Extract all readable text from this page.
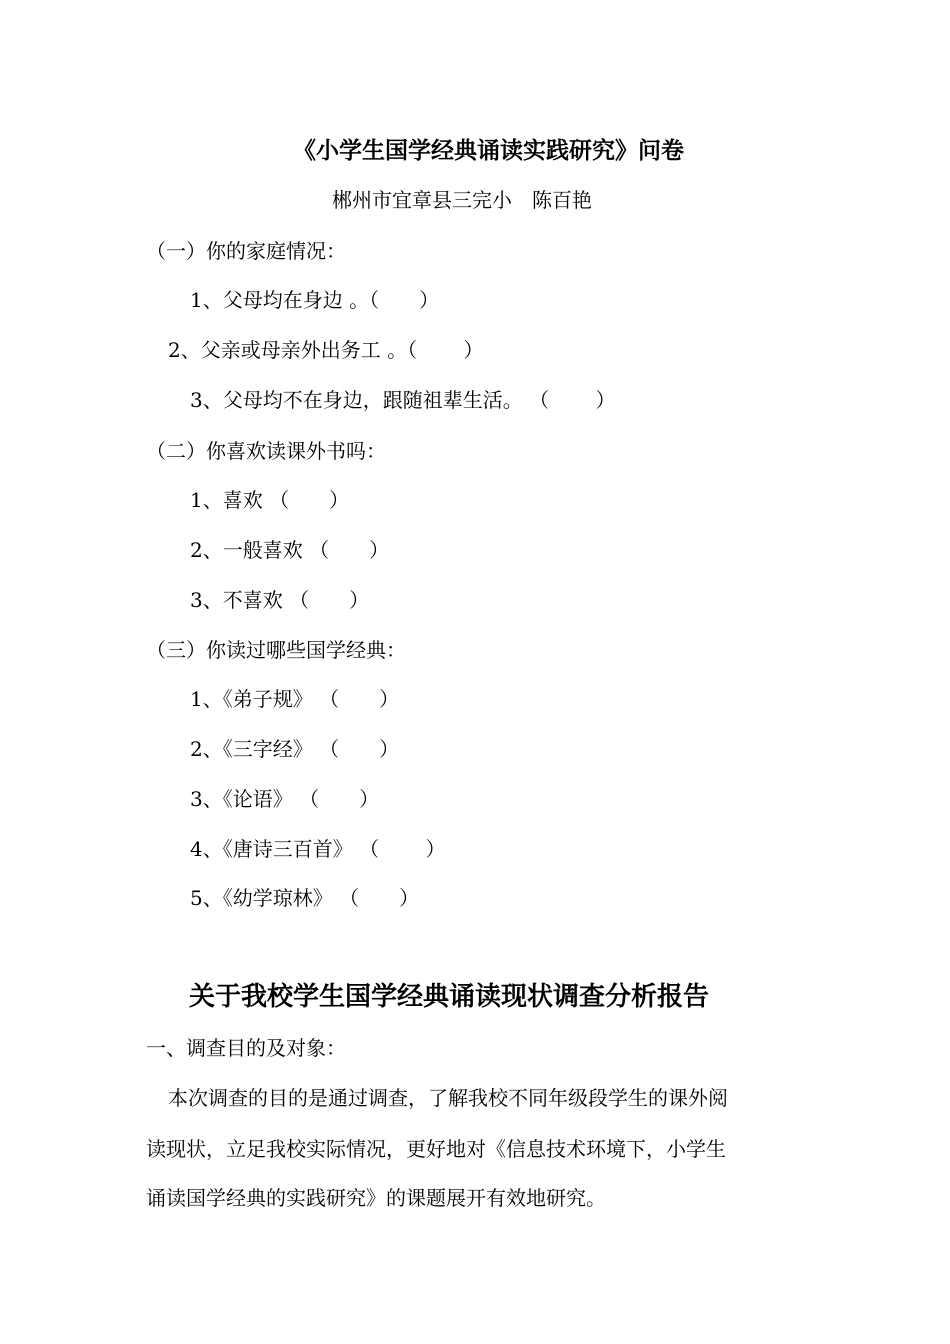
《小学生国学经典诵读实践研究》问卷
郴州市宜章县三完小　陈百艳
（一）你的家庭情况：
1、父母均在身边 。（　　）
2、父亲或母亲外出务工 。（　　 ）
3、父母均不在身边，跟随祖辈生活。 （　　 ）
（二）你喜欢读课外书吗：
1、喜欢 （　　）
2、一般喜欢 （　　）
3、不喜欢 （　　）
（三）你读过哪些国学经典：
1、《弟子规》 （　　）
2、《三字经》 （　　）
3、《论语》 （　　）
4、《唐诗三百首》 （　　 ）
5、《幼学琼林》 （　　）
关于我校学生国学经典诵读现状调查分析报告
一、调查目的及对象：
本次调查的目的是通过调查，了解我校不同年级段学生的课外阅
读现状，立足我校实际情况，更好地对《信息技术环境下，小学生
诵读国学经典的实践研究》的课题展开有效地研究。
